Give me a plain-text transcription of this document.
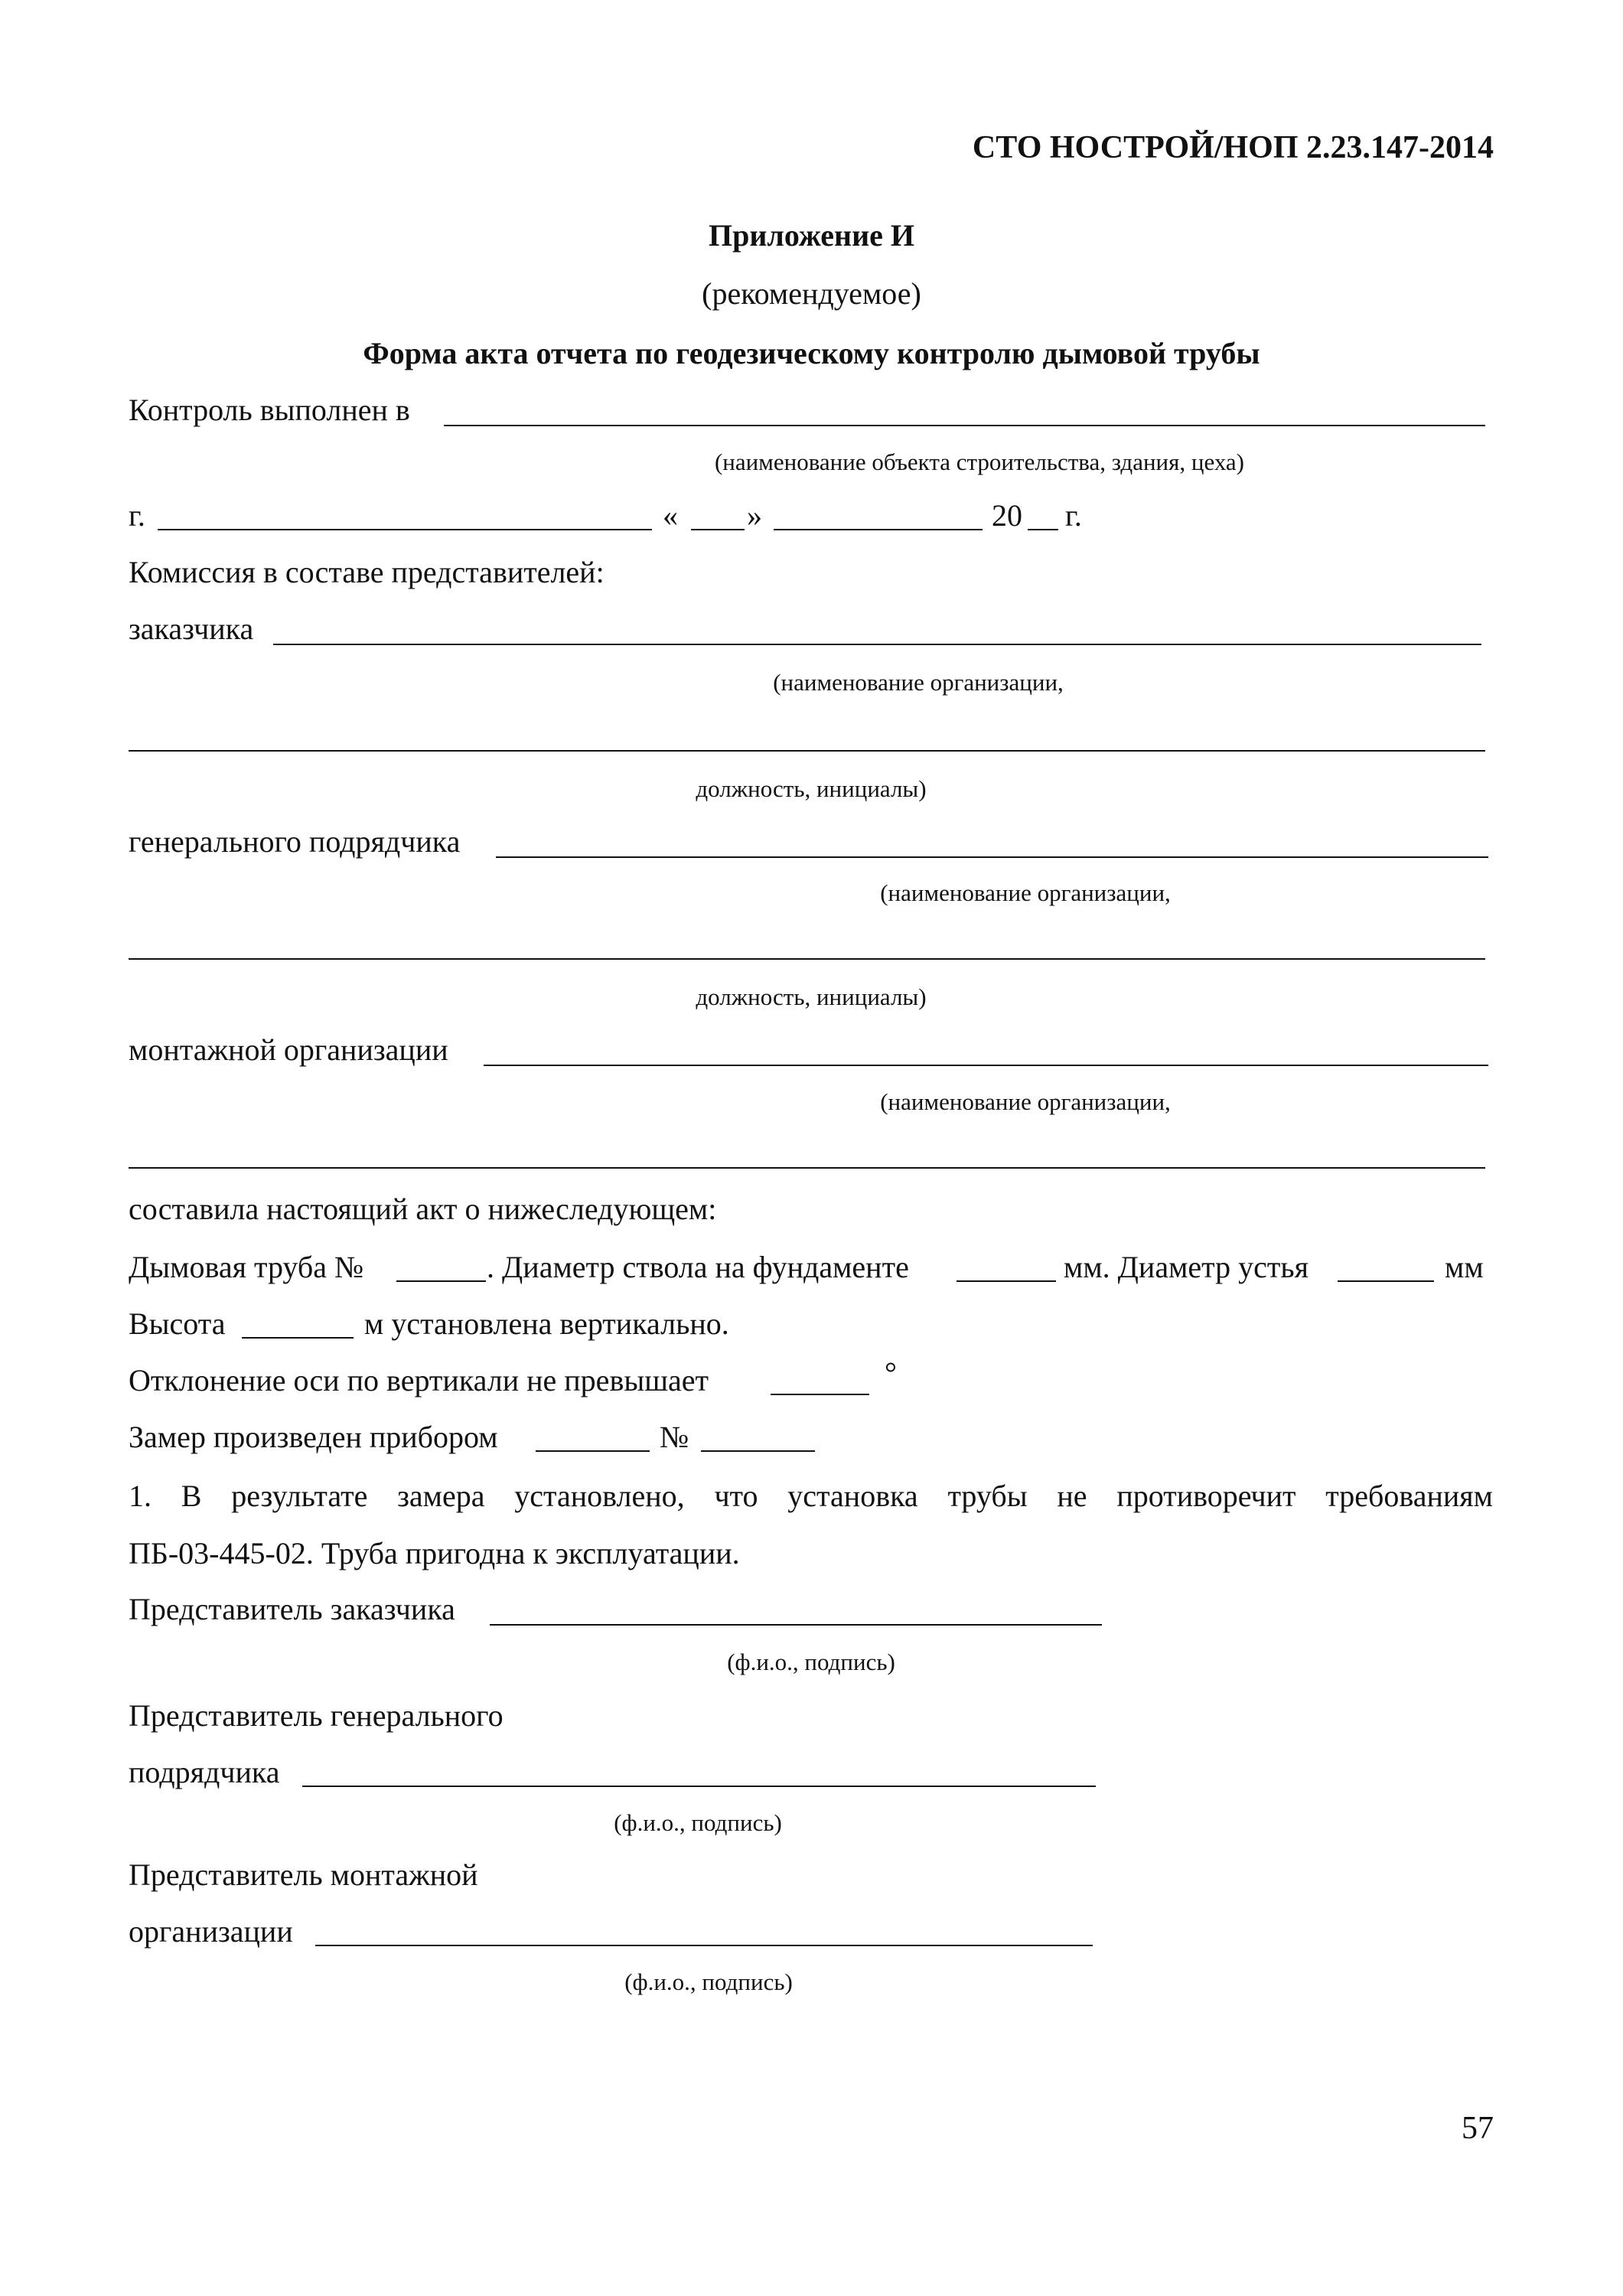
СТО НОСТРОЙ/НОП 2.23.147-2014
Приложение И
(рекомендуемое)
Форма акта отчета по геодезическому контролю дымовой трубы
Контроль выполнен в
(наименование объекта строительства, здания, цеха)
г.	« »	20 г.
Комиссия в составе представителей:
заказчика
(наименование организации,
должность, инициалы)
генерального подрядчика
(наименование организации,
должность, инициалы)
монтажной организации
(наименование организации,
составила настоящий акт о нижеследующем:
Дымовая труба №	. Диаметр ствола на фундаменте	мм. Диаметр устья	мм
Высота	м установлена вертикально.
Отклонение оси по вертикали не превышает	°
Замер произведен прибором	№
1. В результате замера установлено, что установка трубы не противоречит требованиям
ПБ-03-445-02. Труба пригодна к эксплуатации.
Представитель заказчика
(ф.и.о., подпись)
Представитель генерального
подрядчика
(ф.и.о., подпись)
Представитель монтажной
организации
(ф.и.о., подпись)
57
